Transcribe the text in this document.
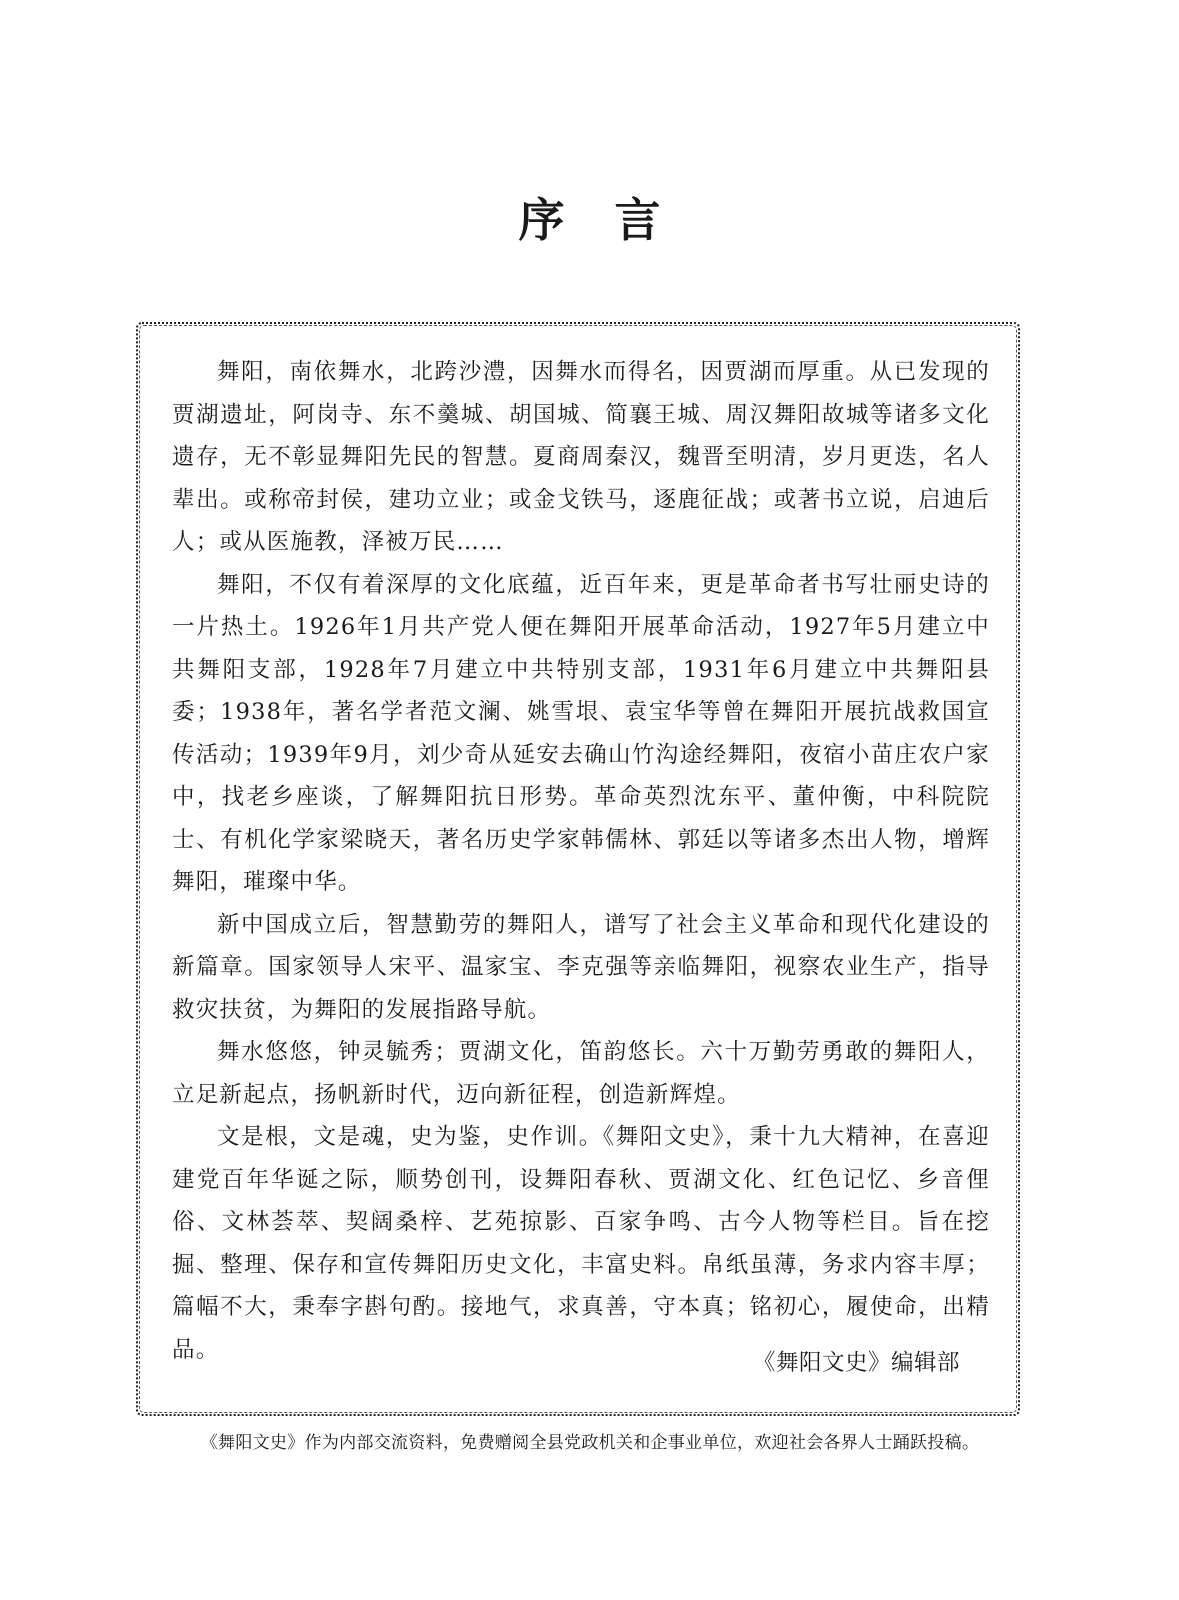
序言

舞阳，南依舞水，北跨沙澧，因舞水而得名，因贾湖而厚重。从已发现的贾湖遗址，阿岗寺、东不羹城、胡国城、简襄王城、周汉舞阳故城等诸多文化遗存，无不彰显舞阳先民的智慧。夏商周秦汉，魏晋至明清，岁月更迭，名人辈出。或称帝封侯，建功立业；或金戈铁马，逐鹿征战；或著书立说，启迪后人；或从医施教，泽被万民……

舞阳，不仅有着深厚的文化底蕴，近百年来，更是革命者书写壮丽史诗的一片热土。1926年1月共产党人便在舞阳开展革命活动，1927年5月建立中共舞阳支部，1928年7月建立中共特别支部，1931年6月建立中共舞阳县委；1938年，著名学者范文澜、姚雪垠、袁宝华等曾在舞阳开展抗战救国宣传活动；1939年9月，刘少奇从延安去确山竹沟途经舞阳，夜宿小苗庄农户家中，找老乡座谈，了解舞阳抗日形势。革命英烈沈东平、董仲衡，中科院院士、有机化学家梁晓天，著名历史学家韩儒林、郭廷以等诸多杰出人物，增辉舞阳，璀璨中华。

新中国成立后，智慧勤劳的舞阳人，谱写了社会主义革命和现代化建设的新篇章。国家领导人宋平、温家宝、李克强等亲临舞阳，视察农业生产，指导救灾扶贫，为舞阳的发展指路导航。

舞水悠悠，钟灵毓秀；贾湖文化，笛韵悠长。六十万勤劳勇敢的舞阳人，立足新起点，扬帆新时代，迈向新征程，创造新辉煌。

文是根，文是魂，史为鉴，史作训。《舞阳文史》，秉十九大精神，在喜迎建党百年华诞之际，顺势创刊，设舞阳春秋、贾湖文化、红色记忆、乡音俚俗、文林荟萃、契阔桑梓、艺苑掠影、百家争鸣、古今人物等栏目。旨在挖掘、整理、保存和宣传舞阳历史文化，丰富史料。帛纸虽薄，务求内容丰厚；篇幅不大，秉奉字斟句酌。接地气，求真善，守本真；铭初心，履使命，出精品。

《舞阳文史》编辑部
《舞阳文史》作为内部交流资料，免费赠阅全县党政机关和企事业单位，欢迎社会各界人士踊跃投稿。
